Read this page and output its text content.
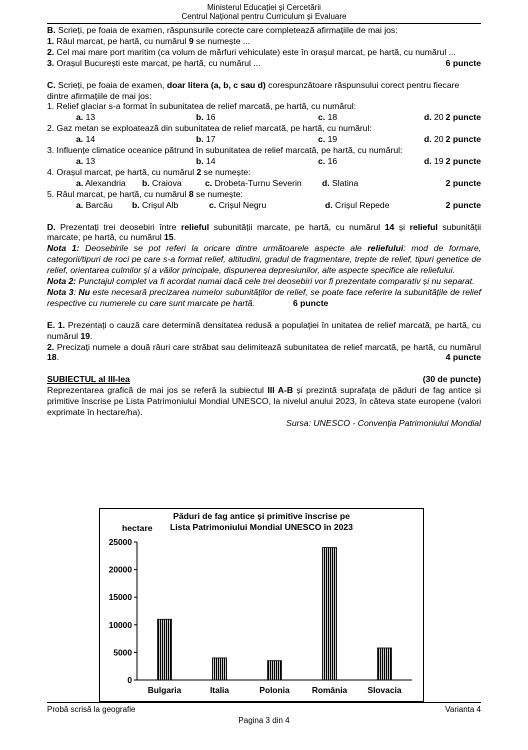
Ministerul Educației și Cercetării
Centrul Național pentru Curriculum și Evaluare

B. Scrieți, pe foaia de examen, răspunsurile corecte care completează afirmațiile de mai jos:

1. Râul marcat, pe hartă, cu numărul 9 se numește ...

2. Cel mai mare port maritim (ca volum de mărfuri vehiculate) este în orașul marcat, pe hartă, cu numărul ...

3. Orașul București este marcat, pe hartă, cu numărul ...	6 puncte

C. Scrieți, pe foaia de examen, doar litera (a, b, c sau d) corespunzătoare răspunsului corect pentru fiecare dintre afirmațiile de mai jos:

1. Relief glaciar s-a format în subunitatea de relief marcată, pe hartă, cu numărul:

a. 13	b. 16	c. 18	d. 20 2 puncte

2. Gaz metan se exploatează din subunitatea de relief marcată, pe hartă, cu numărul:

a. 14	b. 17	c. 19	d. 20 2 puncte

3. Influențe climatice oceanice pătrund în subunitatea de relief marcată, pe hartă, cu numărul:

a. 13	b. 14	c. 16	d. 19 2 puncte

4. Orașul marcat, pe hartă, cu numărul 2 se numește:

a. Alexandria	b. Craiova	c. Drobeta-Turnu Severin	d. Slatina	2 puncte

5. Râul marcat, pe hartă, cu numărul 8 se numește:

a. Barcău	b. Crișul Alb	c. Crișul Negru	d. Crișul Repede	2 puncte

D. Prezentați trei deosebiri între relieful subunității marcate, pe hartă, cu numărul 14 și relieful subunității marcate, pe hartă, cu numărul 15.

Nota 1: Deosebirile se pot referi la oricare dintre următoarele aspecte ale reliefului: mod de formare, categorii/tipuri de roci pe care s-a format relief, altitudini, gradul de fragmentare, trepte de relief, tipuri genetice de relief, orientarea culmilor și a văilor principale, dispunerea depresiunilor, alte aspecte specifice ale reliefului.

Nota 2: Punctajul complet va fi acordat numai dacă cele trei deosebiri vor fi prezentate comparativ și nu separat.

Nota 3: Nu este necesară precizarea numelor subunităților de relief, se poate face referire la subunitățile de relief respective cu numerele cu care sunt marcate pe hartă.	6 puncte

E. 1. Prezentați o cauză care determină densitatea redusă a populației în unitatea de relief marcată, pe hartă, cu numărul 19.

2. Precizați numele a două râuri care străbat sau delimitează subunitatea de relief marcată, pe hartă, cu numărul 18.	4 puncte
SUBIECTUL al III-lea	(30 de puncte)

Reprezentarea grafică de mai jos se referă la subiectul III A-B și prezintă suprafața de păduri de fag antice și primitive înscrise pe Lista Patrimoniului Mondial UNESCO, la nivelul anului 2023, în câteva state europene (valori exprimate în hectare/ha).

Sursa: UNESCO - Convenția Patrimoniului Mondial

Păduri de fag antice și primitive înscrise pe
Lista Patrimoniului Mondial UNESCO în 2023
hectare
0
5000
10000
15000
20000
25000
Bulgaria	Italia	Polonia	România Slovacia
Probă scrisă la geografie	Varianta 4
Pagina 3 din 4
